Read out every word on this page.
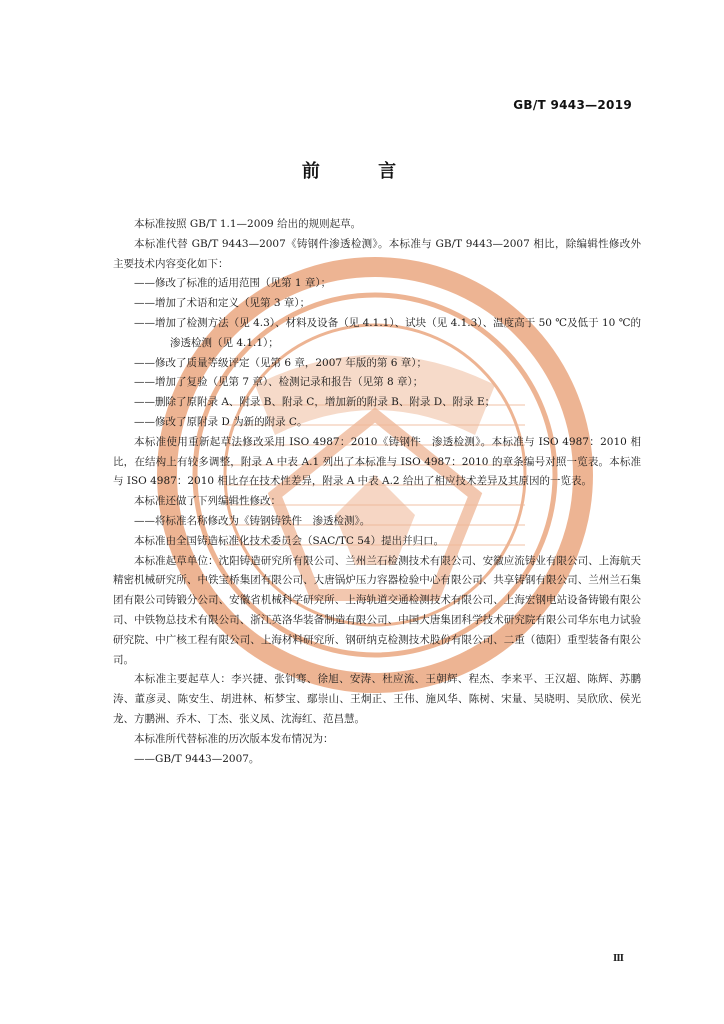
GB/T 9443—2019
前 言

本标准按照 GB/T 1.1—2009 给出的规则起草。

本标准代替 GB/T 9443—2007《铸钢件渗透检测》。本标准与 GB/T 9443—2007 相比，除编辑性修改外主要技术内容变化如下：

——修改了标准的适用范围（见第 1 章）；

——增加了术语和定义（见第 3 章）；

——增加了检测方法（见 4.3）、材料及设备（见 4.1.1）、试块（见 4.1.3）、温度高于 50 ℃及低于 10 ℃的渗透检测（见 4.1.1）；

——修改了质量等级评定（见第 6 章，2007 年版的第 6 章）；

——增加了复验（见第 7 章）、检测记录和报告（见第 8 章）；

——删除了原附录 A、附录 B、附录 C，增加新的附录 B、附录 D、附录 E；

——修改了原附录 D 为新的附录 C。

本标准使用重新起草法修改采用 ISO 4987：2010《铸钢件　渗透检测》。本标准与 ISO 4987：2010 相比，在结构上有较多调整，附录 A 中表 A.1 列出了本标准与 ISO 4987：2010 的章条编号对照一览表。本标准与 ISO 4987：2010 相比存在技术性差异，附录 A 中表 A.2 给出了相应技术差异及其原因的一览表。

本标准还做了下列编辑性修改：

——将标准名称修改为《铸钢铸铁件　渗透检测》。

本标准由全国铸造标准化技术委员会（SAC/TC 54）提出并归口。

本标准起草单位：沈阳铸造研究所有限公司、兰州兰石检测技术有限公司、安徽应流铸业有限公司、上海航天精密机械研究所、中铁宝桥集团有限公司、大唐锅炉压力容器检验中心有限公司、共享铸钢有限公司、兰州兰石集团有限公司铸锻分公司、安徽省机械科学研究所、上海轨道交通检测技术有限公司、上海宏钢电站设备铸锻有限公司、中铁物总技术有限公司、浙江英洛华装备制造有限公司、中国大唐集团科学技术研究院有限公司华东电力试验研究院、中广核工程有限公司、上海材料研究所、钢研纳克检测技术股份有限公司、二重（德阳）重型装备有限公司。

本标准主要起草人：李兴捷、张钊骞、徐旭、安涛、杜应流、王朝辉、程杰、李来平、王汉超、陈辉、苏鹏涛、董彦灵、陈安生、胡进林、柘梦宝、鄢崇山、王炯正、王伟、施风华、陈树、宋量、吴晓明、吴欣欣、侯光龙、方鹏洲、乔木、丁杰、张义凤、沈海红、范昌慧。

本标准所代替标准的历次版本发布情况为：

——GB/T 9443—2007。

Ⅲ
